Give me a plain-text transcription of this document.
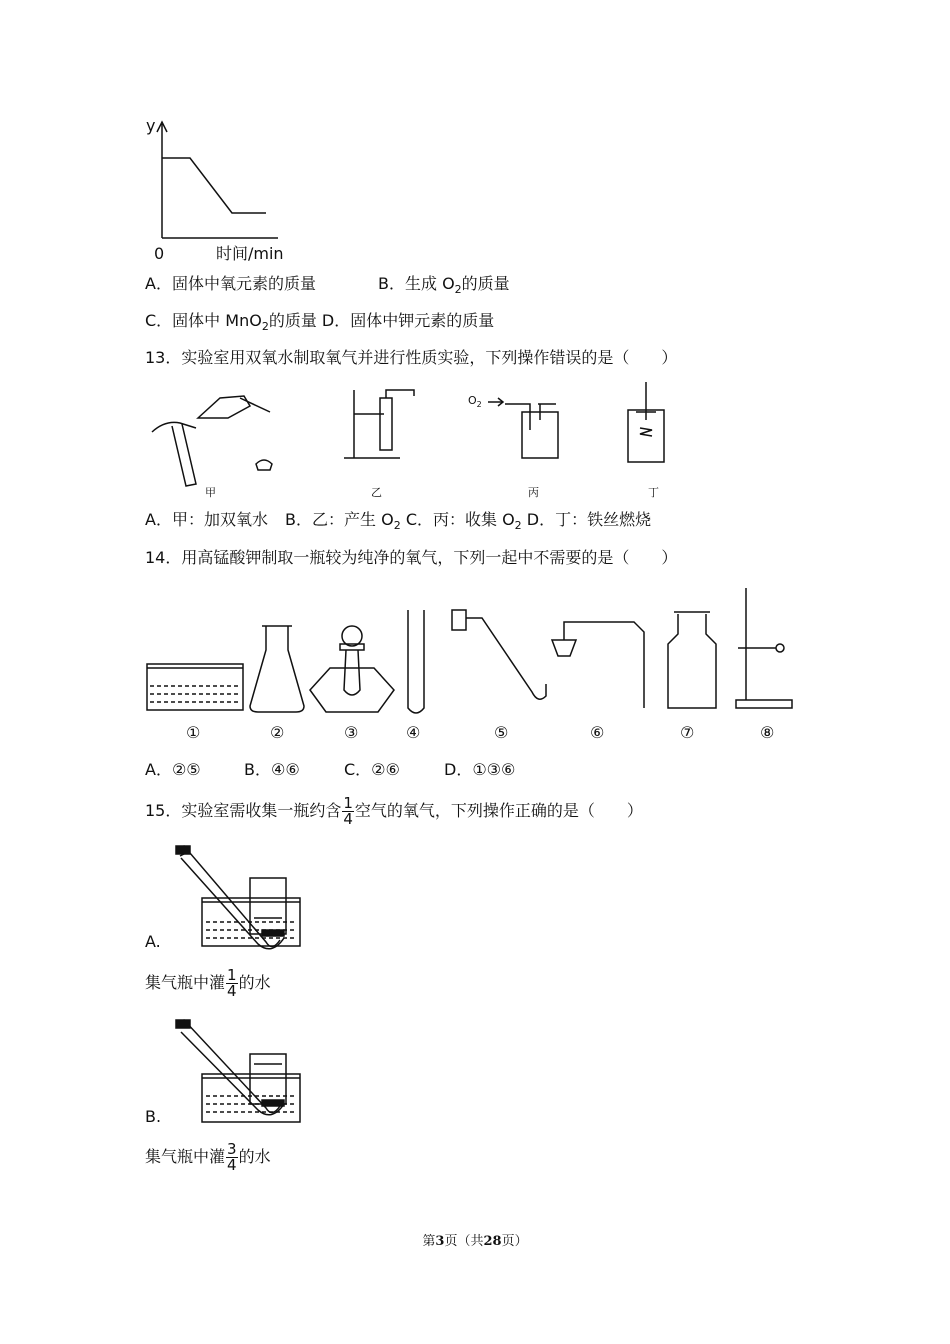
y
0	时间/min
A．固体中氧元素的质量	B．生成 $O_2$的质量
C．固体中 MnO$_2$的质量 D．固体中钾元素的质量
13．实验室用双氧水制取氧气并进行性质实验，下列操作错误的是（　　）
甲	乙	丙	丁
$O_2$
A．甲：加双氧水 B．乙：产生 $O_2$ C．丙：收集 $O_2$ D．丁：铁丝燃烧
14．用高锰酸钾制取一瓶较为纯净的氧气，下列一起中不需要的是（　　）
①	②	③	④	⑤	⑥	⑦	⑧
A．②⑤	B．④⑥	C．②⑥	D．①③⑥
15．实验室需收集一瓶约含 $\frac{1}{4}$ 空气的氧气，下列操作正确的是（　　）
A.
集气瓶中灌 $\frac{1}{4}$ 的水
B.
集气瓶中灌 $\frac{3}{4}$ 的水
第3页（共28页）
